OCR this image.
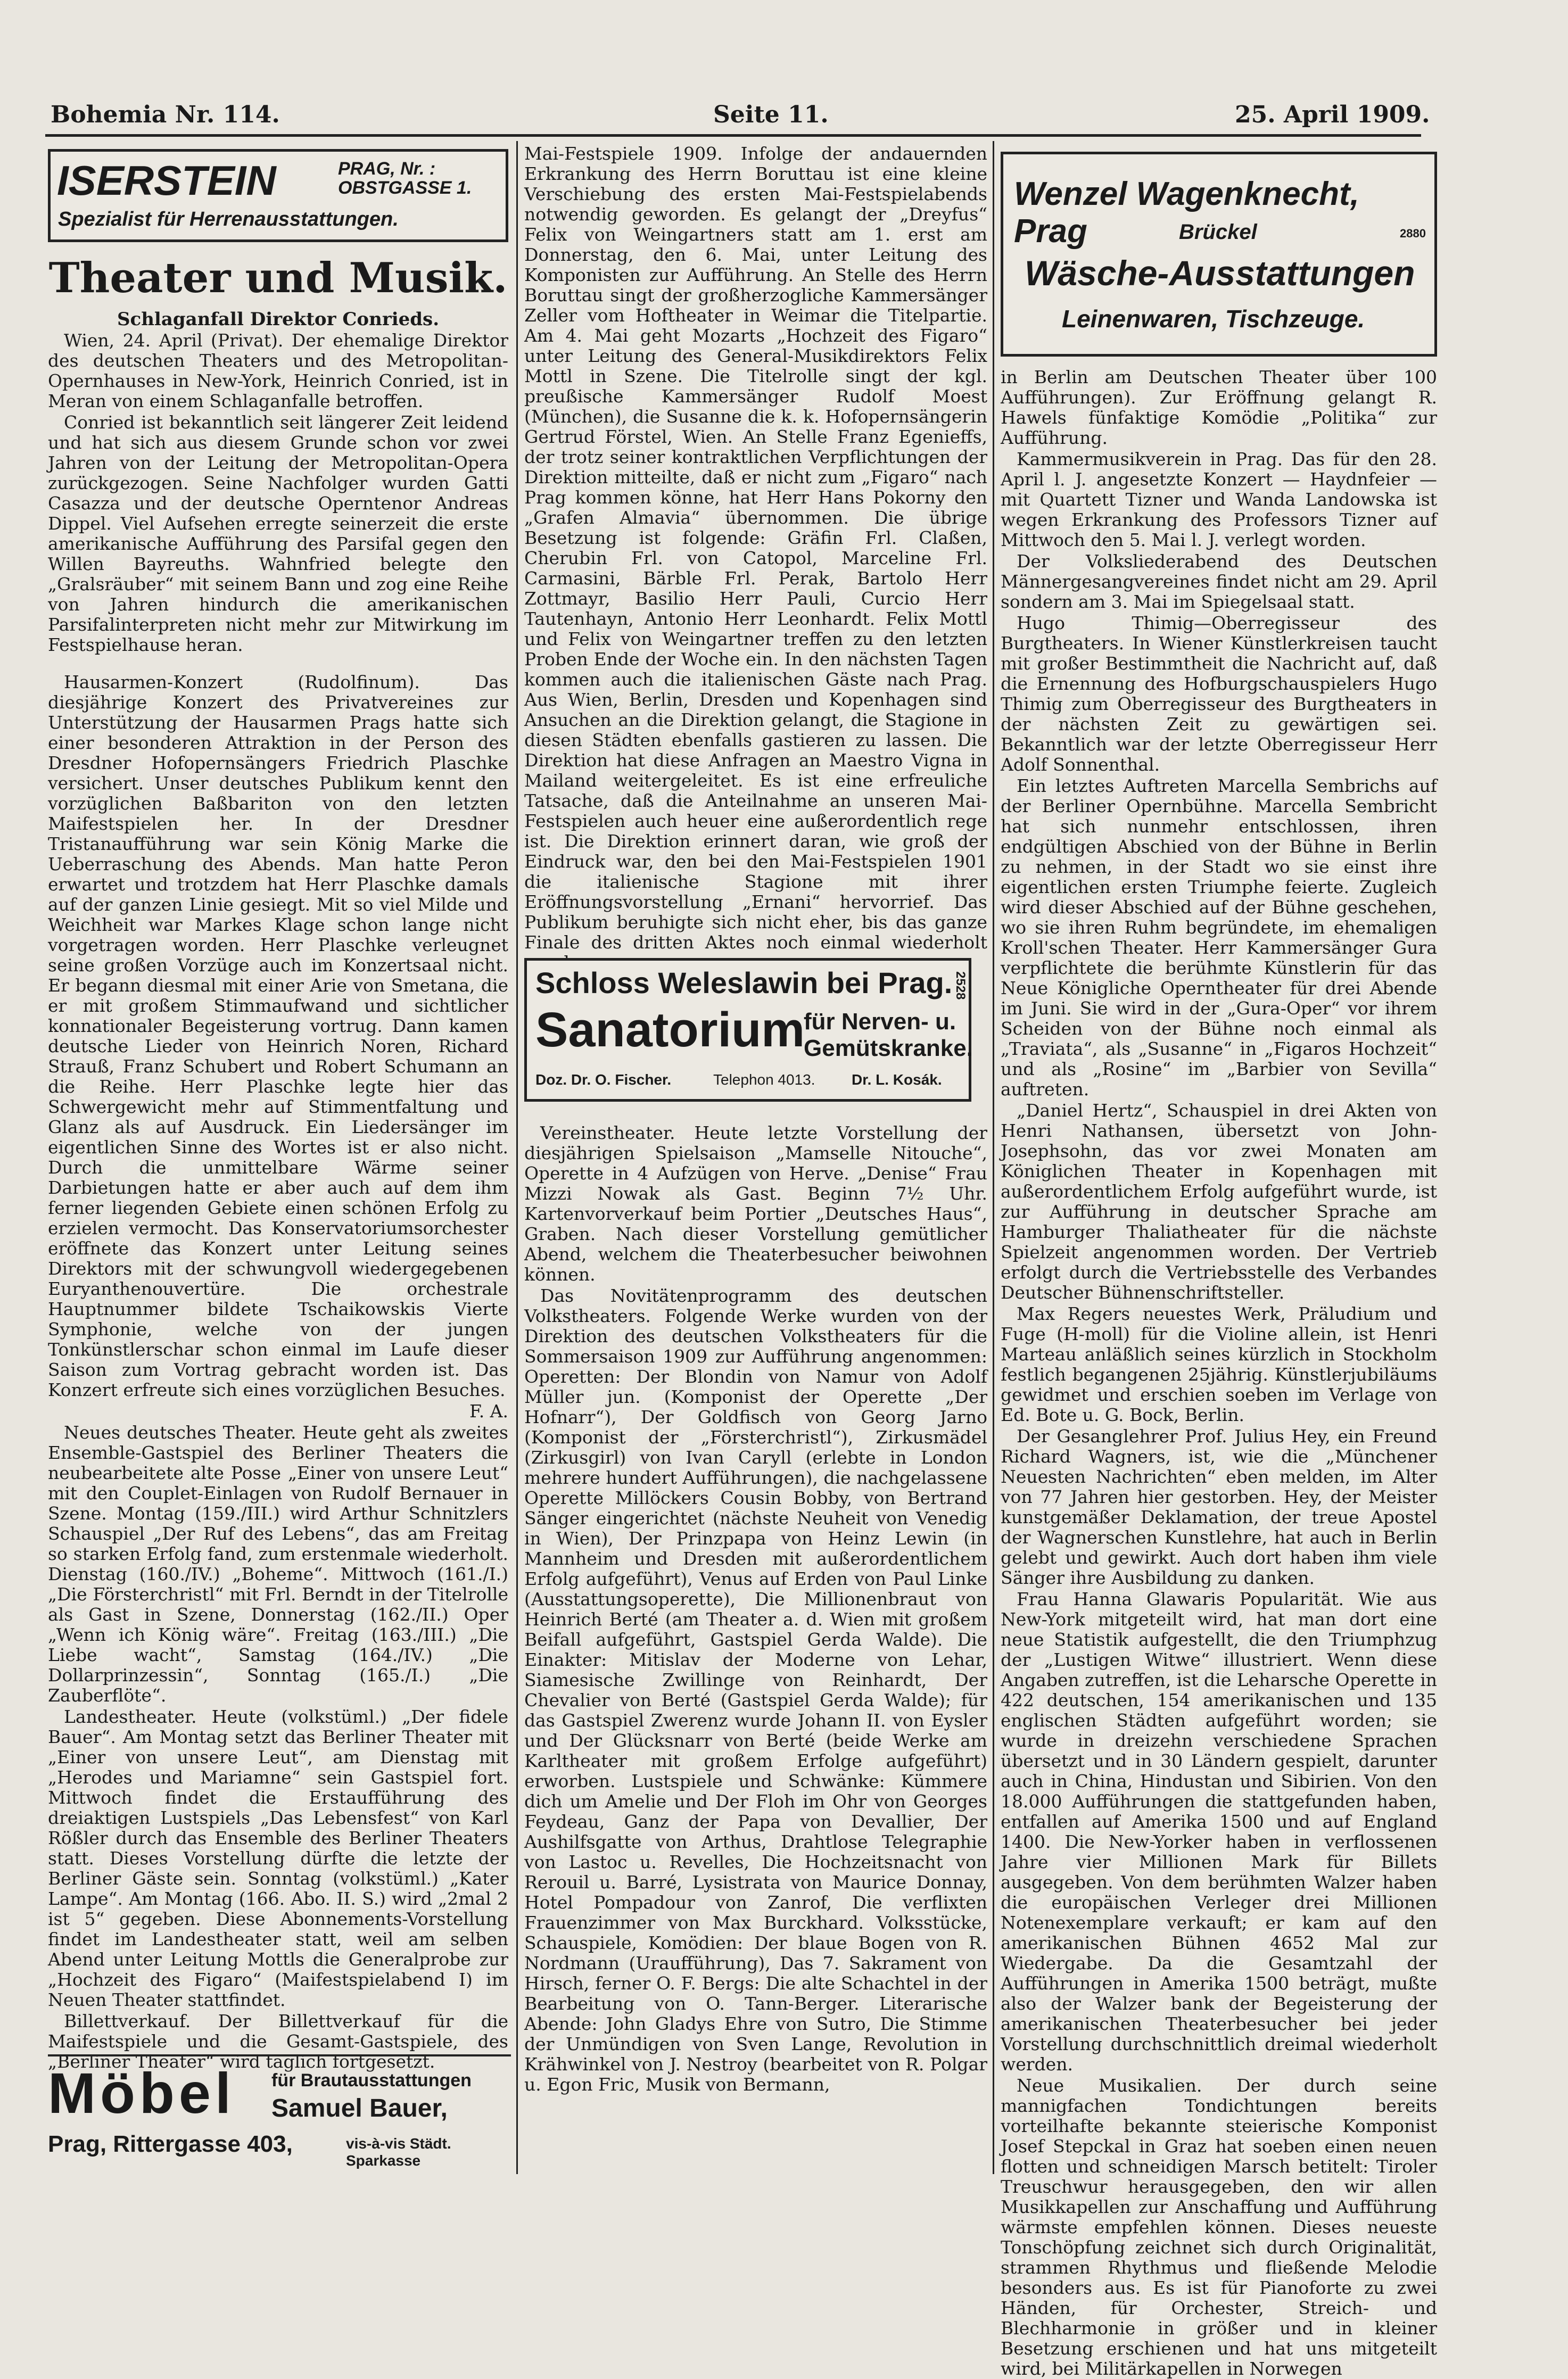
Bohemia Nr. 114.	Seite 11.	25. April 1909.
ISERSTEIN	PRAG, Nr. :
OBSTGASSE 1.
Spezialist für Herrenausstattungen.
Theater und Musik.

Schlaganfall Direktor Conrieds.

Wien, 24. April (Privat). Der ehemalige Direktor des deutschen Theaters und des Metropolitan-Opernhauses in New-York, Heinrich Conried, ist in Meran von einem Schlaganfalle betroffen.

Conried ist bekanntlich seit längerer Zeit leidend und hat sich aus diesem Grunde schon vor zwei Jahren von der Leitung der Metropolitan-Opera zurückgezogen. Seine Nachfolger wurden Gatti Casazza und der deutsche Operntenor Andreas Dippel. Viel Aufsehen erregte seinerzeit die erste amerikanische Aufführung des Parsifal gegen den Willen Bayreuths. Wahnfried belegte den „Gralsräuber“ mit seinem Bann und zog eine Reihe von Jahren hindurch die amerikanischen Parsifalinterpreten nicht mehr zur Mitwirkung im Festspielhause heran.

Hausarmen-Konzert (Rudolfinum). Das diesjährige Konzert des Privatvereines zur Unterstützung der Hausarmen Prags hatte sich einer besonderen Attraktion in der Person des Dresdner Hofopernsängers Friedrich Plaschke versichert. Unser deutsches Publikum kennt den vorzüglichen Baßbariton von den letzten Maifestspielen her. In der Dresdner Tristanaufführung war sein König Marke die Ueberraschung des Abends. Man hatte Peron erwartet und trotzdem hat Herr Plaschke damals auf der ganzen Linie gesiegt. Mit so viel Milde und Weichheit war Markes Klage schon lange nicht vorgetragen worden. Herr Plaschke verleugnet seine großen Vorzüge auch im Konzertsaal nicht. Er begann diesmal mit einer Arie von Smetana, die er mit großem Stimmaufwand und sichtlicher konnationaler Begeisterung vortrug. Dann kamen deutsche Lieder von Heinrich Noren, Richard Strauß, Franz Schubert und Robert Schumann an die Reihe. Herr Plaschke legte hier das Schwergewicht mehr auf Stimmentfaltung und Glanz als auf Ausdruck. Ein Liedersänger im eigentlichen Sinne des Wortes ist er also nicht. Durch die unmittelbare Wärme seiner Darbietungen hatte er aber auch auf dem ihm ferner liegenden Gebiete einen schönen Erfolg zu erzielen vermocht. Das Konservatoriumsorchester eröffnete das Konzert unter Leitung seines Direktors mit der schwungvoll wiedergegebenen Euryanthenouvertüre. Die orchestrale Hauptnummer bildete Tschaikowskis Vierte Symphonie, welche von der jungen Tonkünstlerschar schon einmal im Laufe dieser Saison zum Vortrag gebracht worden ist. Das Konzert erfreute sich eines vorzüglichen Besuches.

F. A.

Neues deutsches Theater. Heute geht als zweites Ensemble-Gastspiel des Berliner Theaters die neubearbeitete alte Posse „Einer von unsere Leut“ mit den Couplet-Einlagen von Rudolf Bernauer in Szene. Montag (159./III.) wird Arthur Schnitzlers Schauspiel „Der Ruf des Lebens“, das am Freitag so starken Erfolg fand, zum erstenmale wiederholt. Dienstag (160./IV.) „Boheme“. Mittwoch (161./I.) „Die Försterchristl“ mit Frl. Berndt in der Titelrolle als Gast in Szene, Donnerstag (162./II.) Oper „Wenn ich König wäre“. Freitag (163./III.) „Die Liebe wacht“, Samstag (164./IV.) „Die Dollarprinzessin“, Sonntag (165./I.) „Die Zauberflöte“.

Landestheater. Heute (volkstüml.) „Der fidele Bauer“. Am Montag setzt das Berliner Theater mit „Einer von unsere Leut“, am Dienstag mit „Herodes und Mariamne“ sein Gastspiel fort. Mittwoch findet die Erstaufführung des dreiaktigen Lustspiels „Das Lebensfest“ von Karl Rößler durch das Ensemble des Berliner Theaters statt. Dieses Vorstellung dürfte die letzte der Berliner Gäste sein. Sonntag (volkstüml.) „Kater Lampe“. Am Montag (166. Abo. II. S.) wird „2mal 2 ist 5“ gegeben. Diese Abonnements-Vorstellung findet im Landestheater statt, weil am selben Abend unter Leitung Mottls die Generalprobe zur „Hochzeit des Figaro“ (Maifestspielabend I) im Neuen Theater stattfindet.

Billettverkauf. Der Billettverkauf für die Maifestspiele und die Gesamt-Gastspiele, des „Berliner Theater“ wird täglich fortgesetzt.

Möbel für Brautausstattungen
Samuel Bauer,
Prag, Rittergasse 403,	vis-à-vis Städt. Sparkasse

Mai-Festspiele 1909. Infolge der andauernden Erkrankung des Herrn Boruttau ist eine kleine Verschiebung des ersten Mai-Festspielabends notwendig geworden. Es gelangt der „Dreyfus“ Felix von Weingartners statt am 1. erst am Donnerstag, den 6. Mai, unter Leitung des Komponisten zur Aufführung. An Stelle des Herrn Boruttau singt der großherzogliche Kammersänger Zeller vom Hoftheater in Weimar die Titelpartie. Am 4. Mai geht Mozarts „Hochzeit des Figaro“ unter Leitung des General-Musikdirektors Felix Mottl in Szene. Die Titelrolle singt der kgl. preußische Kammersänger Rudolf Moest (München), die Susanne die k. k. Hofopernsängerin Gertrud Förstel, Wien. An Stelle Franz Egenieffs, der trotz seiner kontraktlichen Verpflichtungen der Direktion mitteilte, daß er nicht zum „Figaro“ nach Prag kommen könne, hat Herr Hans Pokorny den „Grafen Almavia“ übernommen. Die übrige Besetzung ist folgende: Gräfin Frl. Claßen, Cherubin Frl. von Catopol, Marceline Frl. Carmasini, Bärble Frl. Perak, Bartolo Herr Zottmayr, Basilio Herr Pauli, Curcio Herr Tautenhayn, Antonio Herr Leonhardt. Felix Mottl und Felix von Weingartner treffen zu den letzten Proben Ende der Woche ein. In den nächsten Tagen kommen auch die italienischen Gäste nach Prag. Aus Wien, Berlin, Dresden und Kopenhagen sind Ansuchen an die Direktion gelangt, die Stagione in diesen Städten ebenfalls gastieren zu lassen. Die Direktion hat diese Anfragen an Maestro Vigna in Mailand weitergeleitet. Es ist eine erfreuliche Tatsache, daß die Anteilnahme an unseren Mai-Festspielen auch heuer eine außerordentlich rege ist. Die Direktion erinnert daran, wie groß der Eindruck war, den bei den Mai-Festspielen 1901 die italienische Stagione mit ihrer Eröffnungsvorstellung „Ernani“ hervorrief. Das Publikum beruhigte sich nicht eher, bis das ganze Finale des dritten Aktes noch einmal wiederholt

Schloss Weleslawin bei Prag.
Sanatorium
für Nerven- u.
Gemütskranke.
2528
Doz. Dr. O. Fischer.	Telephon 4013. Dr. L. Kosák.

Vereinstheater. Heute letzte Vorstellung der diesjährigen Spielsaison „Mamselle Nitouche“, Operette in 4 Aufzügen von Herve. „Denise“ Frau Mizzi Nowak als Gast. Beginn 7½ Uhr. Kartenvorverkauf beim Portier „Deutsches Haus“, Graben. Nach dieser Vorstellung gemütlicher Abend, welchem die Theaterbesucher beiwohnen können.

Das Novitätenprogramm des deutschen Volkstheaters. Folgende Werke wurden von der Direktion des deutschen Volkstheaters für die Sommersaison 1909 zur Aufführung angenommen: Operetten: Der Blondin von Namur von Adolf Müller jun. (Komponist der Operette „Der Hofnarr“), Der Goldfisch von Georg Jarno (Komponist der „Försterchristl“), Zirkusmädel (Zirkusgirl) von Ivan Caryll (erlebte in London mehrere hundert Aufführungen), die nachgelassene Operette Millöckers Cousin Bobby, von Bertrand Sänger eingerichtet (nächste Neuheit von Venedig in Wien), Der Prinzpapa von Heinz Lewin (in Mannheim und Dresden mit außerordentlichem Erfolg aufgeführt), Venus auf Erden von Paul Linke (Ausstattungsoperette), Die Millionenbraut von Heinrich Berté (am Theater a. d. Wien mit großem Beifall aufgeführt, Gastspiel Gerda Walde). Die Einakter: Mitislav der Moderne von Lehar, Siamesische Zwillinge von Reinhardt, Der Chevalier von Berté (Gastspiel Gerda Walde); für das Gastspiel Zwerenz wurde Johann II. von Eysler und Der Glücksnarr von Berté (beide Werke am Karltheater mit großem Erfolge aufgeführt) erworben. Lustspiele und Schwänke: Kümmere dich um Amelie und Der Floh im Ohr von Georges Feydeau, Ganz der Papa von Devallier, Der Aushilfsgatte von Arthus, Drahtlose Telegraphie von Lastoc u. Revelles, Die Hochzeitsnacht von Rerouil u. Barré, Lysistrata von Maurice Donnay, Hotel Pompadour von Zanrof, Die verflixten Frauenzimmer von Max Burckhard. Volksstücke, Schauspiele, Komödien: Der blaue Bogen von R. Nordmann (Uraufführung), Das 7. Sakrament von Hirsch, ferner O. F. Bergs: Die alte Schachtel in der Bearbeitung von O. Tann-Berger. Literarische Abende: John Gladys Ehre von Sutro, Die Stimme der Unmündigen von Sven Lange, Revolution in Krähwinkel von J. Nestroy (bearbeitet von R. Polgar u. Egon Fric, Musik von Bermann,

Wenzel Wagenknecht, Prag	Brückel	2880
Wäsche-Ausstattungen
Leinenwaren, Tischzeuge.

in Berlin am Deutschen Theater über 100 Aufführungen). Zur Eröffnung gelangt R. Hawels fünfaktige Komödie „Politika“ zur Aufführung.

Kammermusikverein in Prag. Das für den 28. April l. J. angesetzte Konzert — Haydnfeier — mit Quartett Tizner und Wanda Landowska ist wegen Erkrankung des Professors Tizner auf Mittwoch den 5. Mai l. J. verlegt worden.

Der Volksliederabend des Deutschen Männergesangvereines findet nicht am 29. April sondern am 3. Mai im Spiegelsaal statt.

Hugo Thimig—Oberregisseur des Burgtheaters. In Wiener Künstlerkreisen taucht mit großer Bestimmtheit die Nachricht auf, daß die Ernennung des Hofburgschauspielers Hugo Thimig zum Oberregisseur des Burgtheaters in der nächsten Zeit zu gewärtigen sei. Bekanntlich war der letzte Oberregisseur Herr Adolf Sonnenthal.

Ein letztes Auftreten Marcella Sembrichs auf der Berliner Opernbühne. Marcella Sembricht hat sich nunmehr entschlossen, ihren endgültigen Abschied von der Bühne in Berlin zu nehmen, in der Stadt wo sie einst ihre eigentlichen ersten Triumphe feierte. Zugleich wird dieser Abschied auf der Bühne geschehen, wo sie ihren Ruhm begründete, im ehemaligen Kroll'schen Theater. Herr Kammersänger Gura verpflichtete die berühmte Künstlerin für das Neue Königliche Operntheater für drei Abende im Juni. Sie wird in der „Gura-Oper“ vor ihrem Scheiden von der Bühne noch einmal als „Traviata“, als „Susanne“ in „Figaros Hochzeit“ und als „Rosine“ im „Barbier von Sevilla“ auftreten.

„Daniel Hertz“, Schauspiel in drei Akten von Henri Nathansen, übersetzt von John-Josephsohn, das vor zwei Monaten am Königlichen Theater in Kopenhagen mit außerordentlichem Erfolg aufgeführt wurde, ist zur Aufführung in deutscher Sprache am Hamburger Thaliatheater für die nächste Spielzeit angenommen worden. Der Vertrieb erfolgt durch die Vertriebsstelle des Verbandes Deutscher Bühnenschriftsteller.

Max Regers neuestes Werk, Präludium und Fuge (H-moll) für die Violine allein, ist Henri Marteau anläßlich seines kürzlich in Stockholm festlich begangenen 25jährig. Künstlerjubiläums gewidmet und erschien soeben im Verlage von Ed. Bote u. G. Bock, Berlin.

Der Gesanglehrer Prof. Julius Hey, ein Freund Richard Wagners, ist, wie die „Münchener Neuesten Nachrichten“ eben melden, im Alter von 77 Jahren hier gestorben. Hey, der Meister kunstgemäßer Deklamation, der treue Apostel der Wagnerschen Kunstlehre, hat auch in Berlin gelebt und gewirkt. Auch dort haben ihm viele Sänger ihre Ausbildung zu danken.

Frau Hanna Glawaris Popularität. Wie aus New-York mitgeteilt wird, hat man dort eine neue Statistik aufgestellt, die den Triumphzug der „Lustigen Witwe“ illustriert. Wenn diese Angaben zutreffen, ist die Leharsche Operette in 422 deutschen, 154 amerikanischen und 135 englischen Städten aufgeführt worden; sie wurde in dreizehn verschiedene Sprachen übersetzt und in 30 Ländern gespielt, darunter auch in China, Hindustan und Sibirien. Von den 18.000 Aufführungen die stattgefunden haben, entfallen auf Amerika 1500 und auf England 1400. Die New-Yorker haben in verflossenen Jahre vier Millionen Mark für Billets ausgegeben. Von dem berühmten Walzer haben die europäischen Verleger drei Millionen Notenexemplare verkauft; er kam auf den amerikanischen Bühnen 4652 Mal zur Wiedergabe. Da die Gesamtzahl der Aufführungen in Amerika 1500 beträgt, mußte also der Walzer bank der Begeisterung der amerikanischen Theaterbesucher bei jeder Vorstellung durchschnittlich dreimal wiederholt werden.

Neue Musikalien. Der durch seine mannigfachen Tondichtungen bereits vorteilhafte bekannte steierische Komponist Josef Stepckal in Graz hat soeben einen neuen flotten und schneidigen Marsch betitelt: Tiroler Treuschwur herausgegeben, den wir allen Musikkapellen zur Anschaffung und Aufführung wärmste empfehlen können. Dieses neueste Tonschöpfung zeichnet sich durch Originalität, strammen Rhythmus und fließende Melodie besonders aus. Es ist für Pianoforte zu zwei Händen, für Orchester, Streich- und Blechharmonie in größer und in kleiner Besetzung erschienen und hat uns mitgeteilt wird, bei Militärkapellen in Norwegen
